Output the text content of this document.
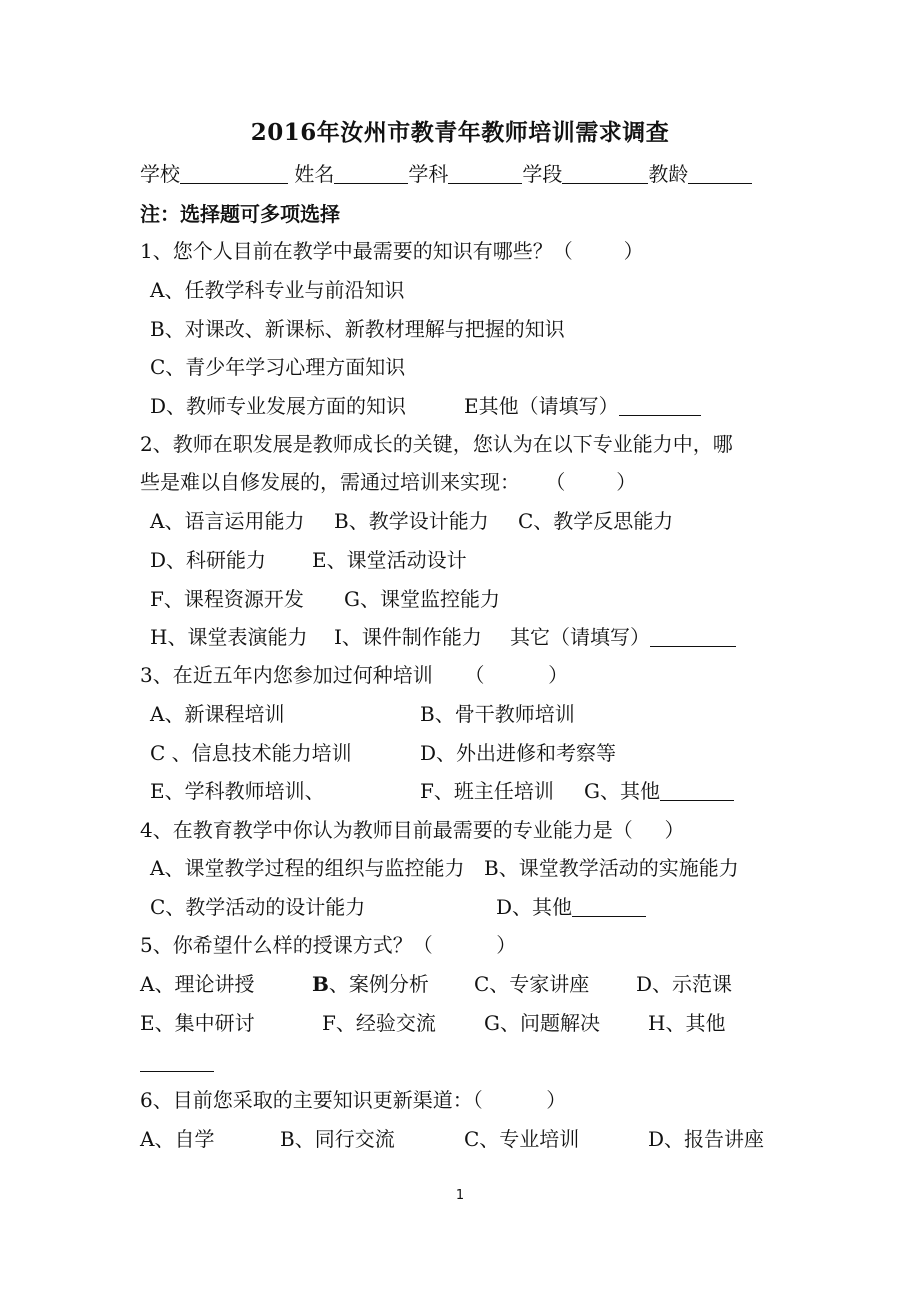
2016年汝州市教青年教师培训需求调查
学校	姓名	学科	学段	教龄
注：选择题可多项选择
1、您个人目前在教学中最需要的知识有哪些？（        ）
A、任教学科专业与前沿知识
B、对课改、新课标、新教材理解与把握的知识
C、青少年学习心理方面知识
D、教师专业发展方面的知识	E其他（请填写）
2、教师在职发展是教师成长的关键，您认为在以下专业能力中，哪
些是难以自修发展的，需通过培训来实现：    （        ）
A、语言运用能力 B、教学设计能力 C、教学反思能力
D、科研能力 E、课堂活动设计
F、课程资源开发 G、课堂监控能力
H、课堂表演能力 I、课件制作能力 其它（请填写）
3、在近五年内您参加过何种培训     （          ）
A、新课程培训	B、骨干教师培训
C 、信息技术能力培训	D、外出进修和考察等
E、学科教师培训、	F、班主任培训 G、其他
4、在教育教学中你认为教师目前最需要的专业能力是（     ）
A、课堂教学过程的组织与监控能力 B、课堂教学活动的实施能力
C、教学活动的设计能力	D、其他
5、你希望什么样的授课方式？（          ）
A、理论讲授	B、案例分析 C、专家讲座 D、示范课
E、集中研讨	F、经验交流 G、问题解决 H、其他
6、目前您采取的主要知识更新渠道：（          ）
A、自学	B、同行交流	C、专业培训	D、报告讲座
1
